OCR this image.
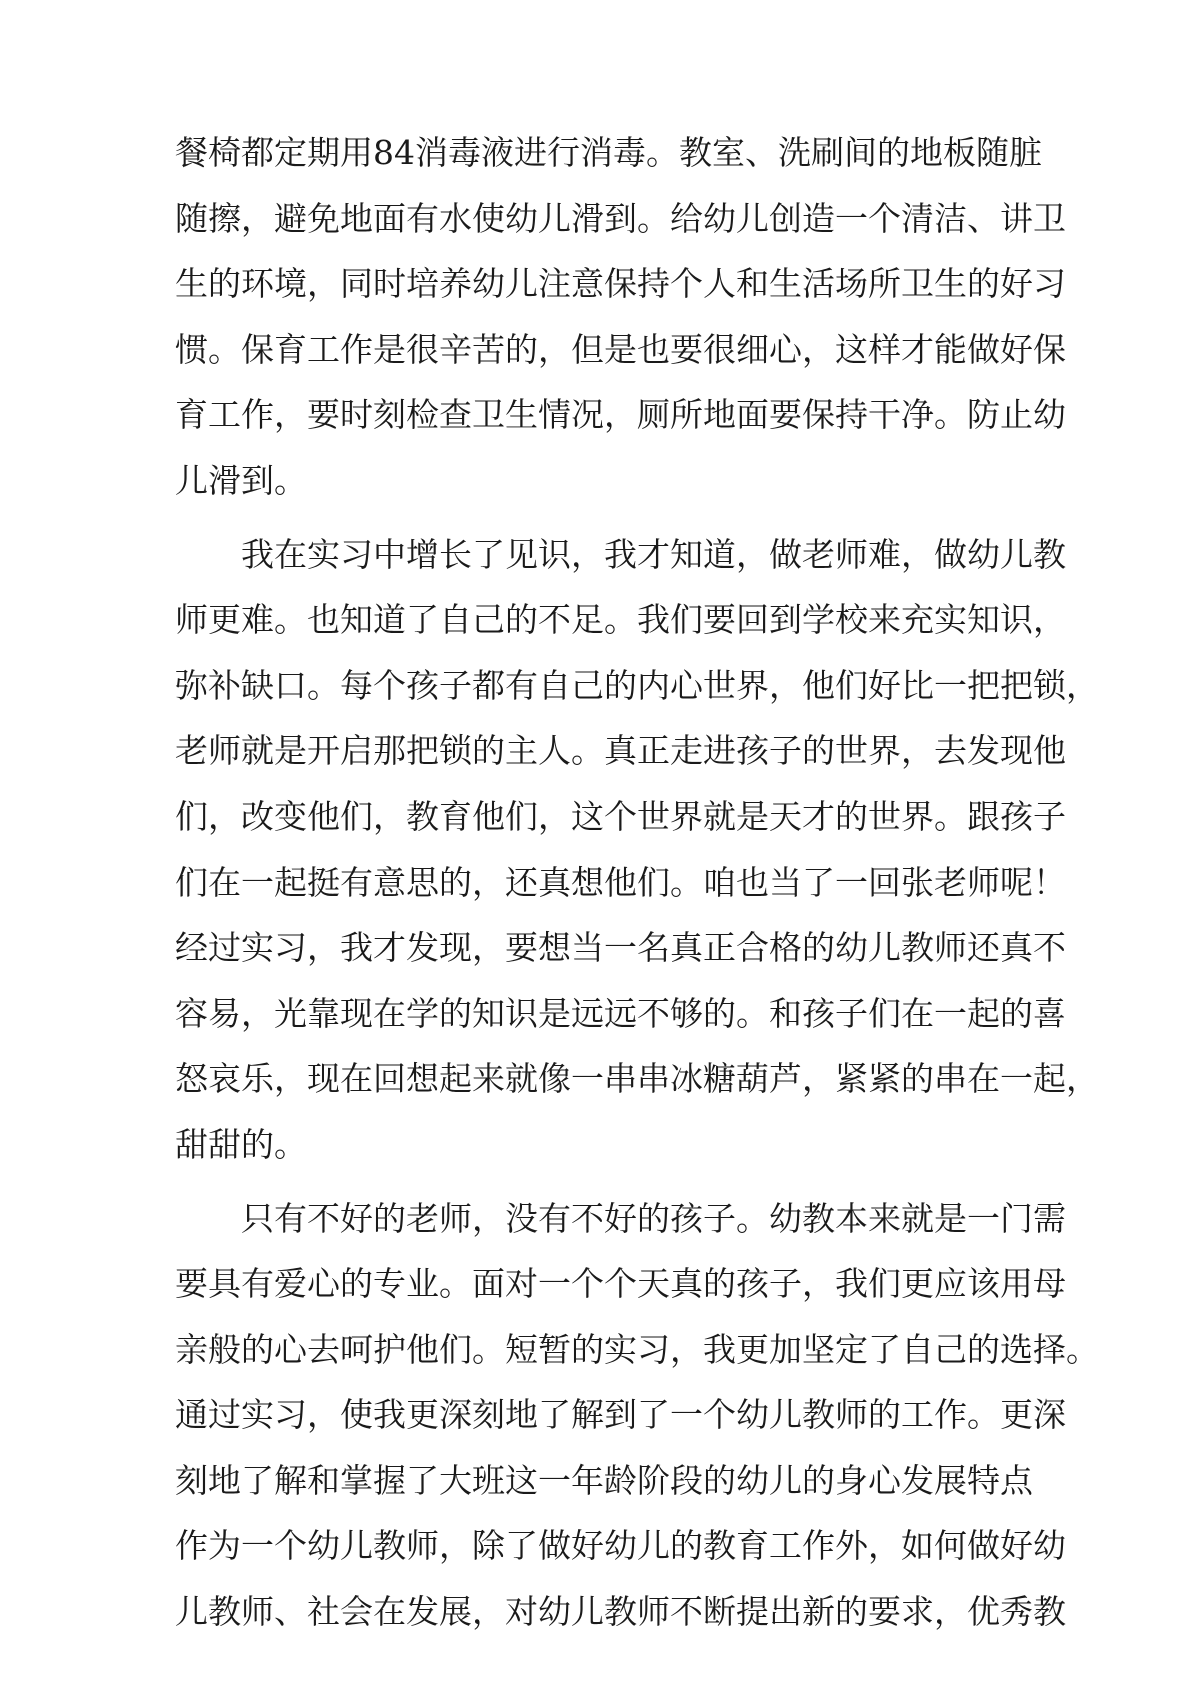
餐椅都定期用84消毒液进行消毒。教室、洗刷间的地板随脏
随擦，避免地面有水使幼儿滑到。给幼儿创造一个清洁、讲卫
生的环境，同时培养幼儿注意保持个人和生活场所卫生的好习
惯。保育工作是很辛苦的，但是也要很细心，这样才能做好保
育工作，要时刻检查卫生情况，厕所地面要保持干净。防止幼
儿滑到。
　　我在实习中增长了见识，我才知道，做老师难，做幼儿教
师更难。也知道了自己的不足。我们要回到学校来充实知识，
弥补缺口。每个孩子都有自己的内心世界，他们好比一把把锁，
老师就是开启那把锁的主人。真正走进孩子的世界，去发现他
们，改变他们，教育他们，这个世界就是天才的世界。跟孩子
们在一起挺有意思的，还真想他们。咱也当了一回张老师呢！
经过实习，我才发现，要想当一名真正合格的幼儿教师还真不
容易，光靠现在学的知识是远远不够的。和孩子们在一起的喜
怒哀乐，现在回想起来就像一串串冰糖葫芦，紧紧的串在一起，
甜甜的。
　　只有不好的老师，没有不好的孩子。幼教本来就是一门需
要具有爱心的专业。面对一个个天真的孩子，我们更应该用母
亲般的心去呵护他们。短暂的实习，我更加坚定了自己的选择。
通过实习，使我更深刻地了解到了一个幼儿教师的工作。更深
刻地了解和掌握了大班这一年龄阶段的幼儿的身心发展特点
作为一个幼儿教师，除了做好幼儿的教育工作外，如何做好幼
儿教师、社会在发展，对幼儿教师不断提出新的要求，优秀教
